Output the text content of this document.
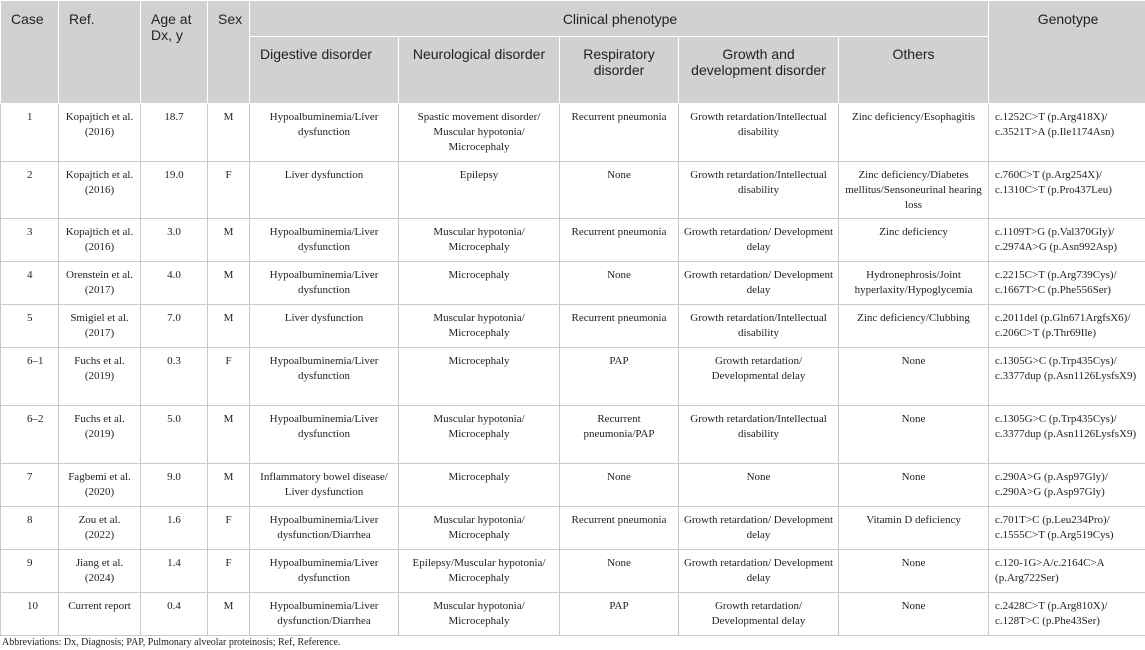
Case	Ref.	Age at Dx, y	Sex	Clinical phenotype					Genotype
				Digestive disorder	Neurological disorder	Respiratory disorder	Growth and development disorder	Others	
1	Kopajtich et al. (2016)	18.7	M	Hypoalbuminemia/Liver dysfunction	Spastic movement disorder/ Muscular hypotonia/ Microcephaly	Recurrent pneumonia	Growth retardation/Intellectual disability	Zinc deficiency/Esophagitis	c.1252C>T (p.Arg418X)/ c.3521T>A (p.Ile1174Asn)
2	Kopajtich et al. (2016)	19.0	F	Liver dysfunction	Epilepsy	None	Growth retardation/Intellectual disability	Zinc deficiency/Diabetes mellitus/Sensoneurinal hearing loss	c.760C>T (p.Arg254X)/ c.1310C>T (p.Pro437Leu)
3	Kopajtich et al. (2016)	3.0	M	Hypoalbuminemia/Liver dysfunction	Muscular hypotonia/ Microcephaly	Recurrent pneumonia	Growth retardation/ Development delay	Zinc deficiency	c.1109T>G (p.Val370Gly)/ c.2974A>G (p.Asn992Asp)
4	Orenstein et al. (2017)	4.0	M	Hypoalbuminemia/Liver dysfunction	Microcephaly	None	Growth retardation/ Development delay	Hydronephrosis/Joint hyperlaxity/Hypoglycemia	c.2215C>T (p.Arg739Cys)/ c.1667T>C (p.Phe556Ser)
5	Smigiel et al. (2017)	7.0	M	Liver dysfunction	Muscular hypotonia/ Microcephaly	Recurrent pneumonia	Growth retardation/Intellectual disability	Zinc deficiency/Clubbing	c.2011del (p.Gln671ArgfsX6)/ c.206C>T (p.Thr69Ile)
6–1	Fuchs et al. (2019)	0.3	F	Hypoalbuminemia/Liver dysfunction	Microcephaly	PAP	Growth retardation/ Developmental delay	None	c.1305G>C (p.Trp435Cys)/ c.3377dup (p.Asn1126LysfsX9)
6–2	Fuchs et al. (2019)	5.0	M	Hypoalbuminemia/Liver dysfunction	Muscular hypotonia/ Microcephaly	Recurrent pneumonia/PAP	Growth retardation/Intellectual disability	None	c.1305G>C (p.Trp435Cys)/ c.3377dup (p.Asn1126LysfsX9)
7	Fagbemi et al. (2020)	9.0	M	Inflammatory bowel disease/ Liver dysfunction	Microcephaly	None	None	None	c.290A>G (p.Asp97Gly)/ c.290A>G (p.Asp97Gly)
8	Zou et al. (2022)	1.6	F	Hypoalbuminemia/Liver dysfunction/Diarrhea	Muscular hypotonia/ Microcephaly	Recurrent pneumonia	Growth retardation/ Development delay	Vitamin D deficiency	c.701T>C (p.Leu234Pro)/ c.1555C>T (p.Arg519Cys)
9	Jiang et al. (2024)	1.4	F	Hypoalbuminemia/Liver dysfunction	Epilepsy/Muscular hypotonia/ Microcephaly	None	Growth retardation/ Development delay	None	c.120-1G>A/c.2164C>A (p.Arg722Ser)
10	Current report	0.4	M	Hypoalbuminemia/Liver dysfunction/Diarrhea	Muscular hypotonia/ Microcephaly	PAP	Growth retardation/ Developmental delay	None	c.2428C>T (p.Arg810X)/ c.128T>C (p.Phe43Ser)
Abbreviations: Dx, Diagnosis; PAP, Pulmonary alveolar proteinosis; Ref, Reference.
